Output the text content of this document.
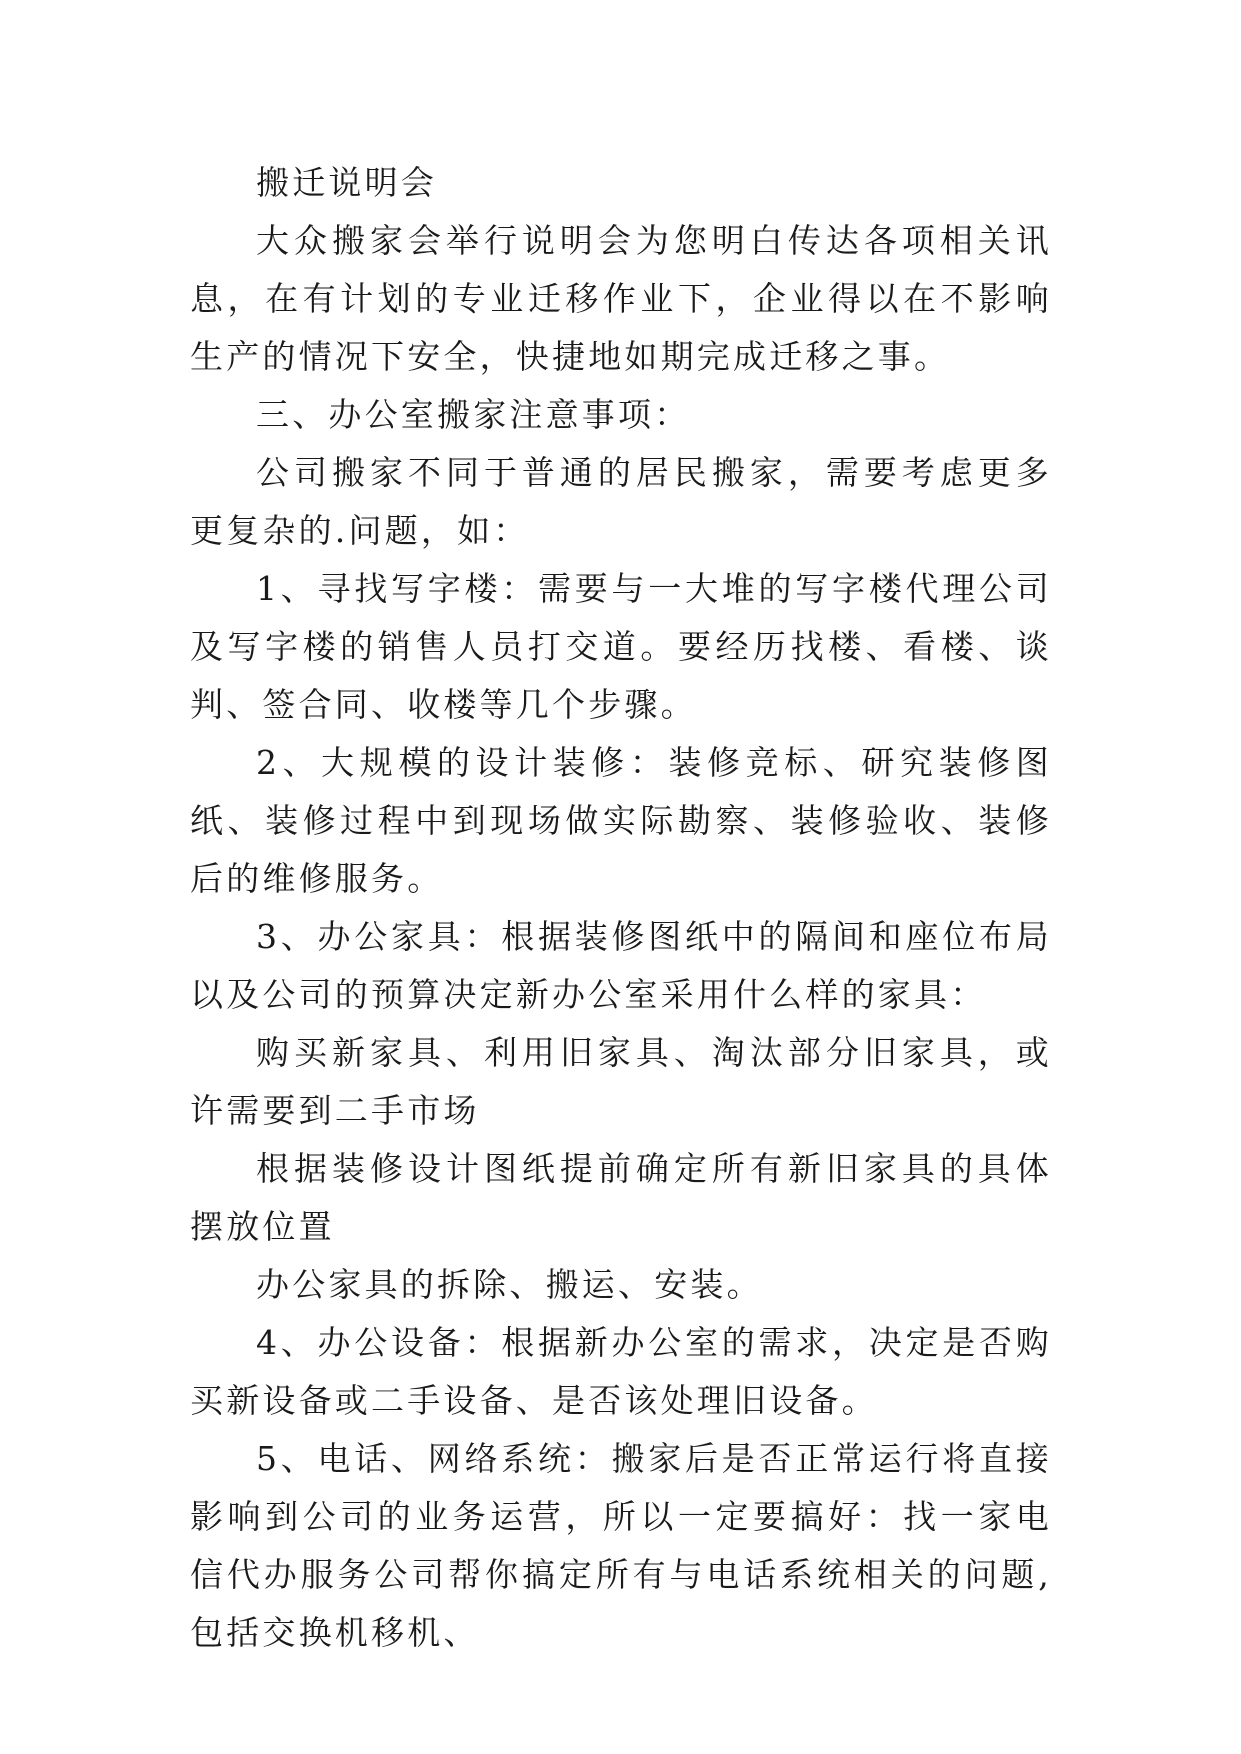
搬迁说明会

大众搬家会举行说明会为您明白传达各项相关讯息，在有计划的专业迁移作业下，企业得以在不影响生产的情况下安全，快捷地如期完成迁移之事。

三、办公室搬家注意事项：

公司搬家不同于普通的居民搬家，需要考虑更多更复杂的.问题，如：

1、寻找写字楼：需要与一大堆的写字楼代理公司及写字楼的销售人员打交道。要经历找楼、看楼、谈判、签合同、收楼等几个步骤。

2、大规模的设计装修：装修竞标、研究装修图纸、装修过程中到现场做实际勘察、装修验收、装修后的维修服务。

3、办公家具：根据装修图纸中的隔间和座位布局以及公司的预算决定新办公室采用什么样的家具：

购买新家具、利用旧家具、淘汰部分旧家具，或许需要到二手市场

根据装修设计图纸提前确定所有新旧家具的具体摆放位置

办公家具的拆除、搬运、安装。

4、办公设备：根据新办公室的需求，决定是否购买新设备或二手设备、是否该处理旧设备。

5、电话、网络系统：搬家后是否正常运行将直接影响到公司的业务运营，所以一定要搞好：找一家电信代办服务公司帮你搞定所有与电话系统相关的问题,包括交换机移机、
